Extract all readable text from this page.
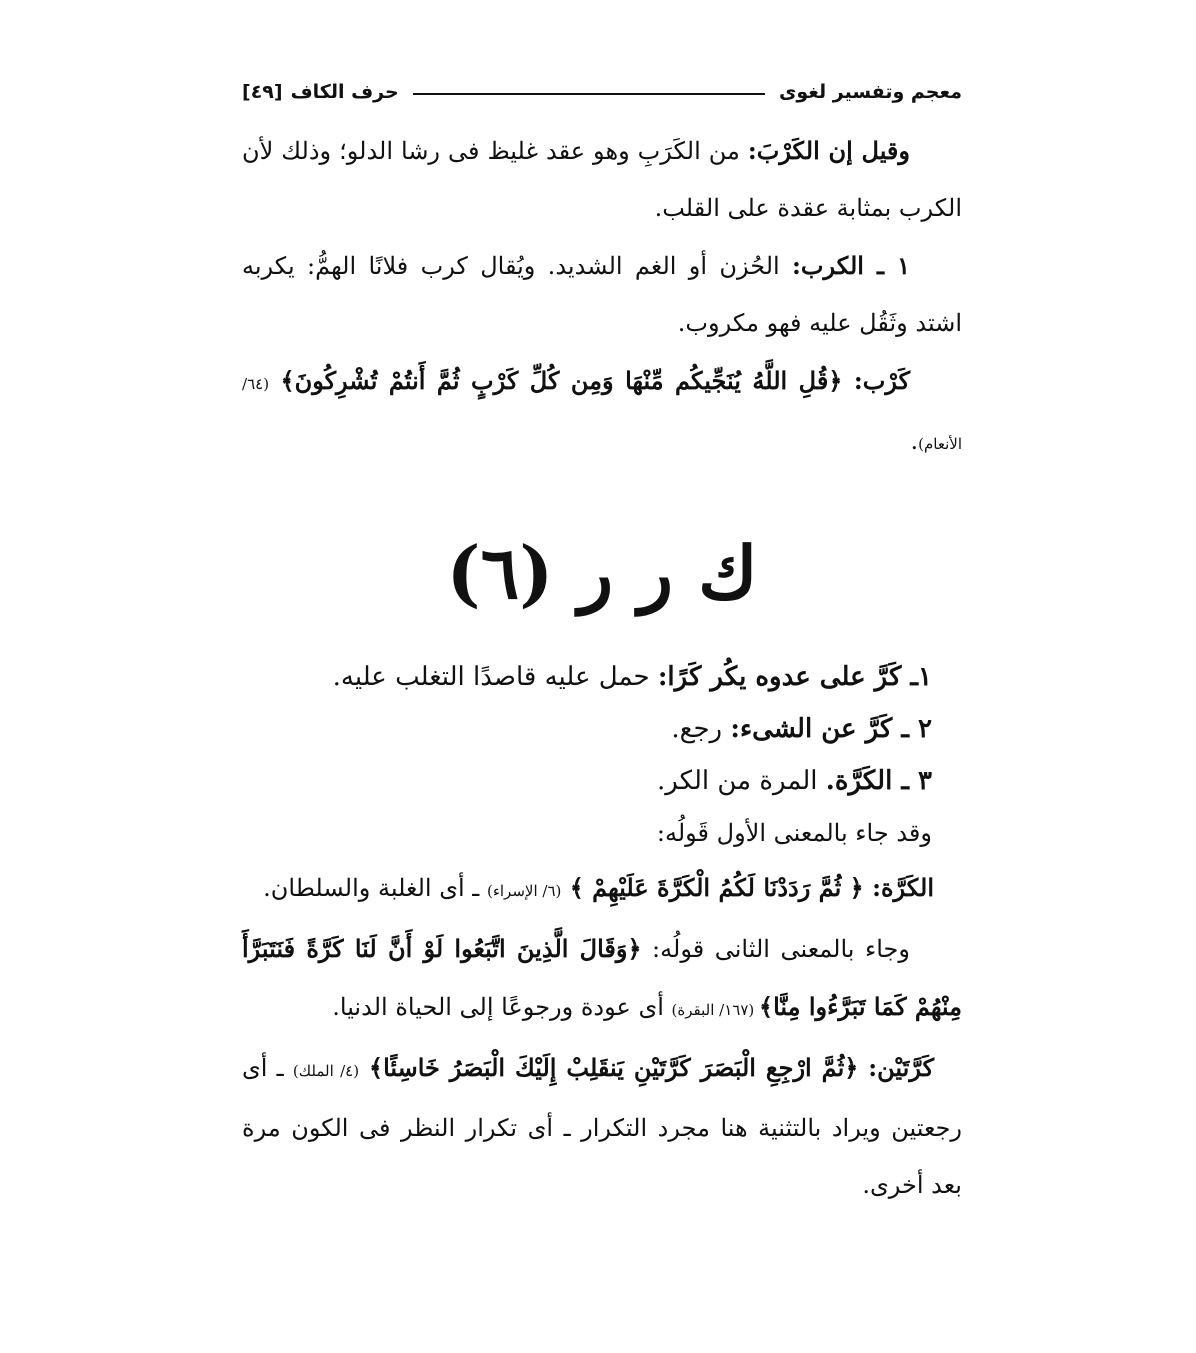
معجم وتفسير لغوى
حرف الكاف
[٤٩]

وقيل إن الكَرْبَ: من الكَرَبِ وهو عقد غليظ فى رشا الدلو؛ وذلك لأن الكرب بمثابة عقدة على القلب.

١ ـ الكرب: الحُزن أو الغم الشديد. ويُقال كرب فلانًا الهمُّ: يكربه اشتد وثَقُل عليه فهو مكروب.

كَرْب: ﴿قُلِ اللَّهُ يُنَجِّيكُم مِّنْهَا وَمِن كُلِّ كَرْبٍ ثُمَّ أَنتُمْ تُشْرِكُونَ﴾ (٦٤/ الأنعام).

ك ر ر (٦)

١ـ كَرَّ على عدوه يكُر كَرًا: حمل عليه قاصدًا التغلب عليه.

٢ ـ كَرَّ عن الشىء: رجع.

٣ ـ الكَرَّة. المرة من الكر.

وقد جاء بالمعنى الأول قَولُه:

الكَرَّة: ﴿ ثُمَّ رَدَدْنَا لَكُمُ الْكَرَّةَ عَلَيْهِمْ ﴾ (٦/ الإسراء) ـ أى الغلبة والسلطان.

وجاء بالمعنى الثانى قولُه: ﴿وَقَالَ الَّذِينَ اتَّبَعُوا لَوْ أَنَّ لَنَا كَرَّةً فَنَتَبَرَّأَ مِنْهُمْ كَمَا تَبَرَّءُوا مِنَّا﴾ (١٦٧/ البقرة) أى عودة ورجوعًا إلى الحياة الدنيا.

كَرَّتَيْن: ﴿ثُمَّ ارْجِعِ الْبَصَرَ كَرَّتَيْنِ يَنقَلِبْ إِلَيْكَ الْبَصَرُ خَاسِئًا﴾ (٤/ الملك) ـ أى رجعتين ويراد بالتثنية هنا مجرد التكرار ـ أى تكرار النظر فى الكون مرة بعد أخرى.
